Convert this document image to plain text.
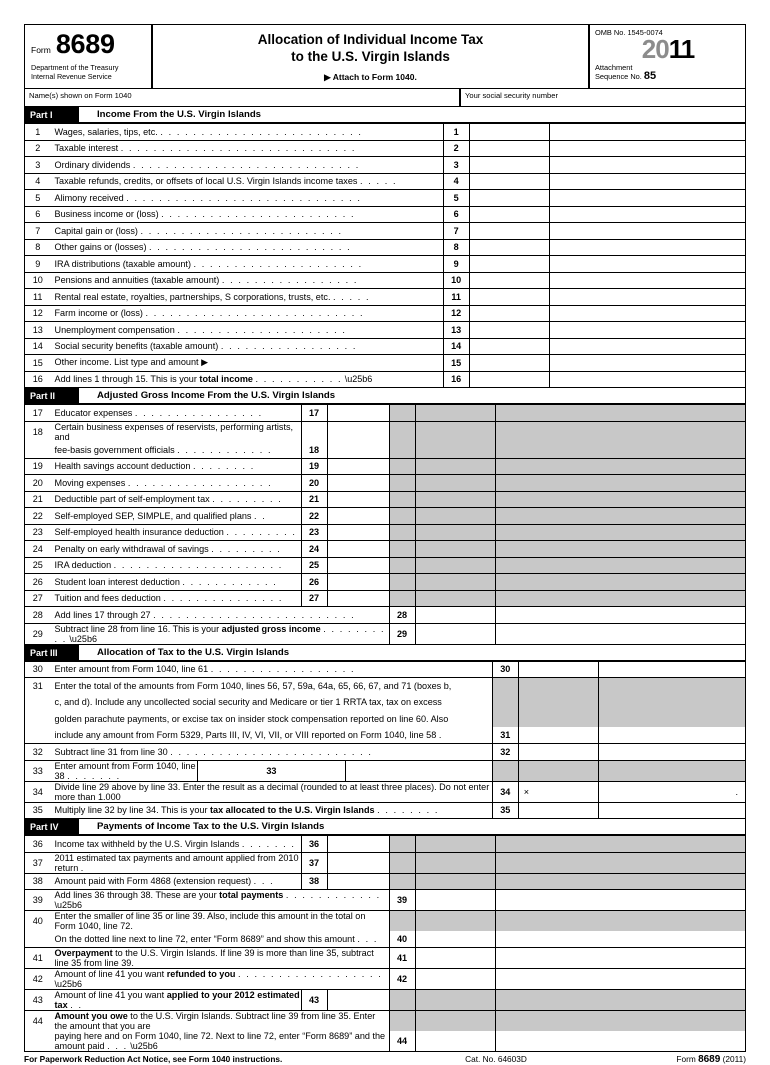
Form 8689
Department of the Treasury
Internal Revenue Service
Allocation of Individual Income Tax
to the U.S. Virgin Islands
▶ Attach to Form 1040.
OMB No. 1545-0074
20 11
Attachment
Sequence No. 85
Name(s) shown on Form 1040	Your social security number
Part I	Income From the U.S. Virgin Islands
1	Wages, salaries, tips, etc. . . . . . . . . . . . . . . . . . . . . . . . . .	1		
2	Taxable interest . . . . . . . . . . . . . . . . . . . . . . . . . . . . .	2		
3	Ordinary dividends . . . . . . . . . . . . . . . . . . . . . . . . . . . .	3		
4	Taxable refunds, credits, or offsets of local U.S. Virgin Islands income taxes . . . . .	4		
5	Alimony received . . . . . . . . . . . . . . . . . . . . . . . . . . . . .	5		
6	Business income or (loss) . . . . . . . . . . . . . . . . . . . . . . . .	6		
7	Capital gain or (loss) . . . . . . . . . . . . . . . . . . . . . . . . .	7		
8	Other gains or (losses) . . . . . . . . . . . . . . . . . . . . . . . . .	8		
9	IRA distributions (taxable amount) . . . . . . . . . . . . . . . . . . . . .	9		
10	Pensions and annuities (taxable amount) . . . . . . . . . . . . . . . . .	10		
11	Rental real estate, royalties, partnerships, S corporations, trusts, etc. . . . . .	11		
12	Farm income or (loss) . . . . . . . . . . . . . . . . . . . . . . . . . . .	12		
13	Unemployment compensation . . . . . . . . . . . . . . . . . . . . .	13		
14	Social security benefits (taxable amount) . . . . . . . . . . . . . . . . .	14		
15	Other income. List type and amount ▶	15		
16	Add lines 1 through 15. This is your total income . . . . . . . . . . . \u25b6	16		
Part II	Adjusted Gross Income From the U.S. Virgin Islands
17	Educator expenses . . . . . . . . . . . . . . . .	17				
18	Certain business expenses of reservists, performing artists, and					
	fee-basis government officials . . . . . . . . . . . .	18				
19	Health savings account deduction . . . . . . . .	19				
20	Moving expenses . . . . . . . . . . . . . . . . . .	20				
21	Deductible part of self-employment tax . . . . . . . . .	21				
22	Self-employed SEP, SIMPLE, and qualified plans . .	22				
23	Self-employed health insurance deduction . . . . . . . . .	23				
24	Penalty on early withdrawal of savings . . . . . . . . .	24				
25	IRA deduction . . . . . . . . . . . . . . . . . . . . .	25				
26	Student loan interest deduction . . . . . . . . . . . .	26				
27	Tuition and fees deduction . . . . . . . . . . . . . . .	27				
28	Add lines 17 through 27 . . . . . . . . . . . . . . . . . . . . . . . . .			28		
29	Subtract line 28 from line 16. This is your adjusted gross income . . . . . . . . . . \u25b6			29		
Part III	Allocation of Tax to the U.S. Virgin Islands
30	Enter amount from Form 1040, line 61 . . . . . . . . . . . . . . . . . .			30		
31	Enter the total of the amounts from Form 1040, lines 56, 57, 59a, 64a, 65, 66, 67, and 71 (boxes b,					
	c, and d). Include any uncollected social security and Medicare or tier 1 RRTA tax, tax on excess					
	golden parachute payments, or excise tax on insider stock compensation reported on line 60. Also					
	include any amount from Form 5329, Parts III, IV, VI, VII, or VIII reported on Form 1040, line 58 .			31		
32	Subtract line 31 from line 30 . . . . . . . . . . . . . . . . . . . . . . . . .			32		
33	Enter amount from Form 1040, line 38 . . . . . . .	33				
34	Divide line 29 above by line 33. Enter the result as a decimal (rounded to at least three places). Do not enter more than 1.000			34	×	.
35	Multiply line 32 by line 34. This is your tax allocated to the U.S. Virgin Islands . . . . . . . .			35		
Part IV	Payments of Income Tax to the U.S. Virgin Islands
36	Income tax withheld by the U.S. Virgin Islands . . . . . . .	36				
37	2011 estimated tax payments and amount applied from 2010 return .	37				
38	Amount paid with Form 4868 (extension request) . . .	38				
39	Add lines 36 through 38. These are your total payments . . . . . . . . . . . . \u25b6			39		
40	Enter the smaller of line 35 or line 39. Also, include this amount in the total on Form 1040, line 72.					
	On the dotted line next to line 72, enter “Form 8689” and show this amount . . .			40		
41	Overpayment to the U.S. Virgin Islands. If line 39 is more than line 35, subtract line 35 from line 39.			41		
42	Amount of line 41 you want refunded to you . . . . . . . . . . . . . . . . . . \u25b6			42		
43	Amount of line 41 you want applied to your 2012 estimated tax . .	43				
44	Amount you owe to the U.S. Virgin Islands. Subtract line 39 from line 35. Enter the amount that you are					
	paying here and on Form 1040, line 72. Next to line 72, enter “Form 8689” and the amount paid . . . \u25b6			44		
For Paperwork Reduction Act Notice, see Form 1040 instructions.	Cat. No. 64603D	Form 8689 (2011)
